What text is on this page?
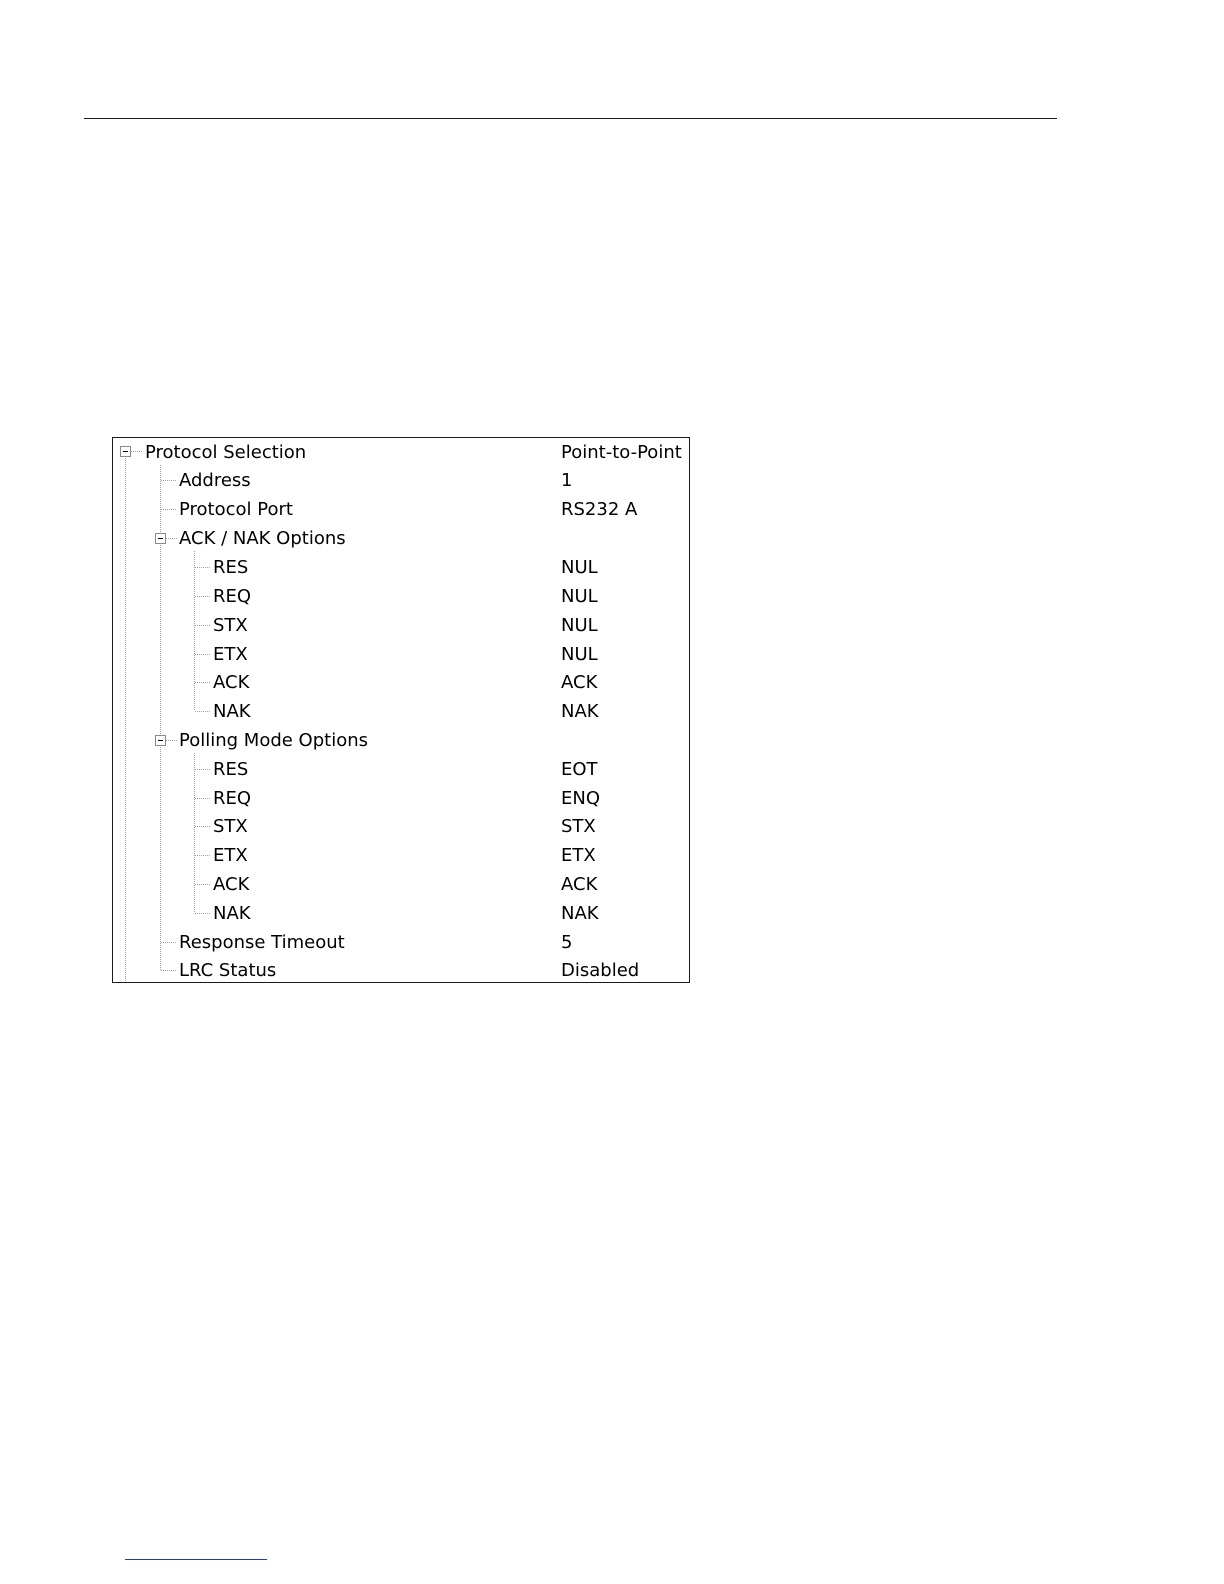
Protocol Selection	Point-to-Point
Address	1
Protocol Port	RS232 A
ACK / NAK Options
RES	NUL
REQ	NUL
STX	NUL
ETX	NUL
ACK	ACK
NAK	NAK
Polling Mode Options
RES	EOT
REQ	ENQ
STX	STX
ETX	ETX
ACK	ACK
NAK	NAK
Response Timeout	5
LRC Status	Disabled
